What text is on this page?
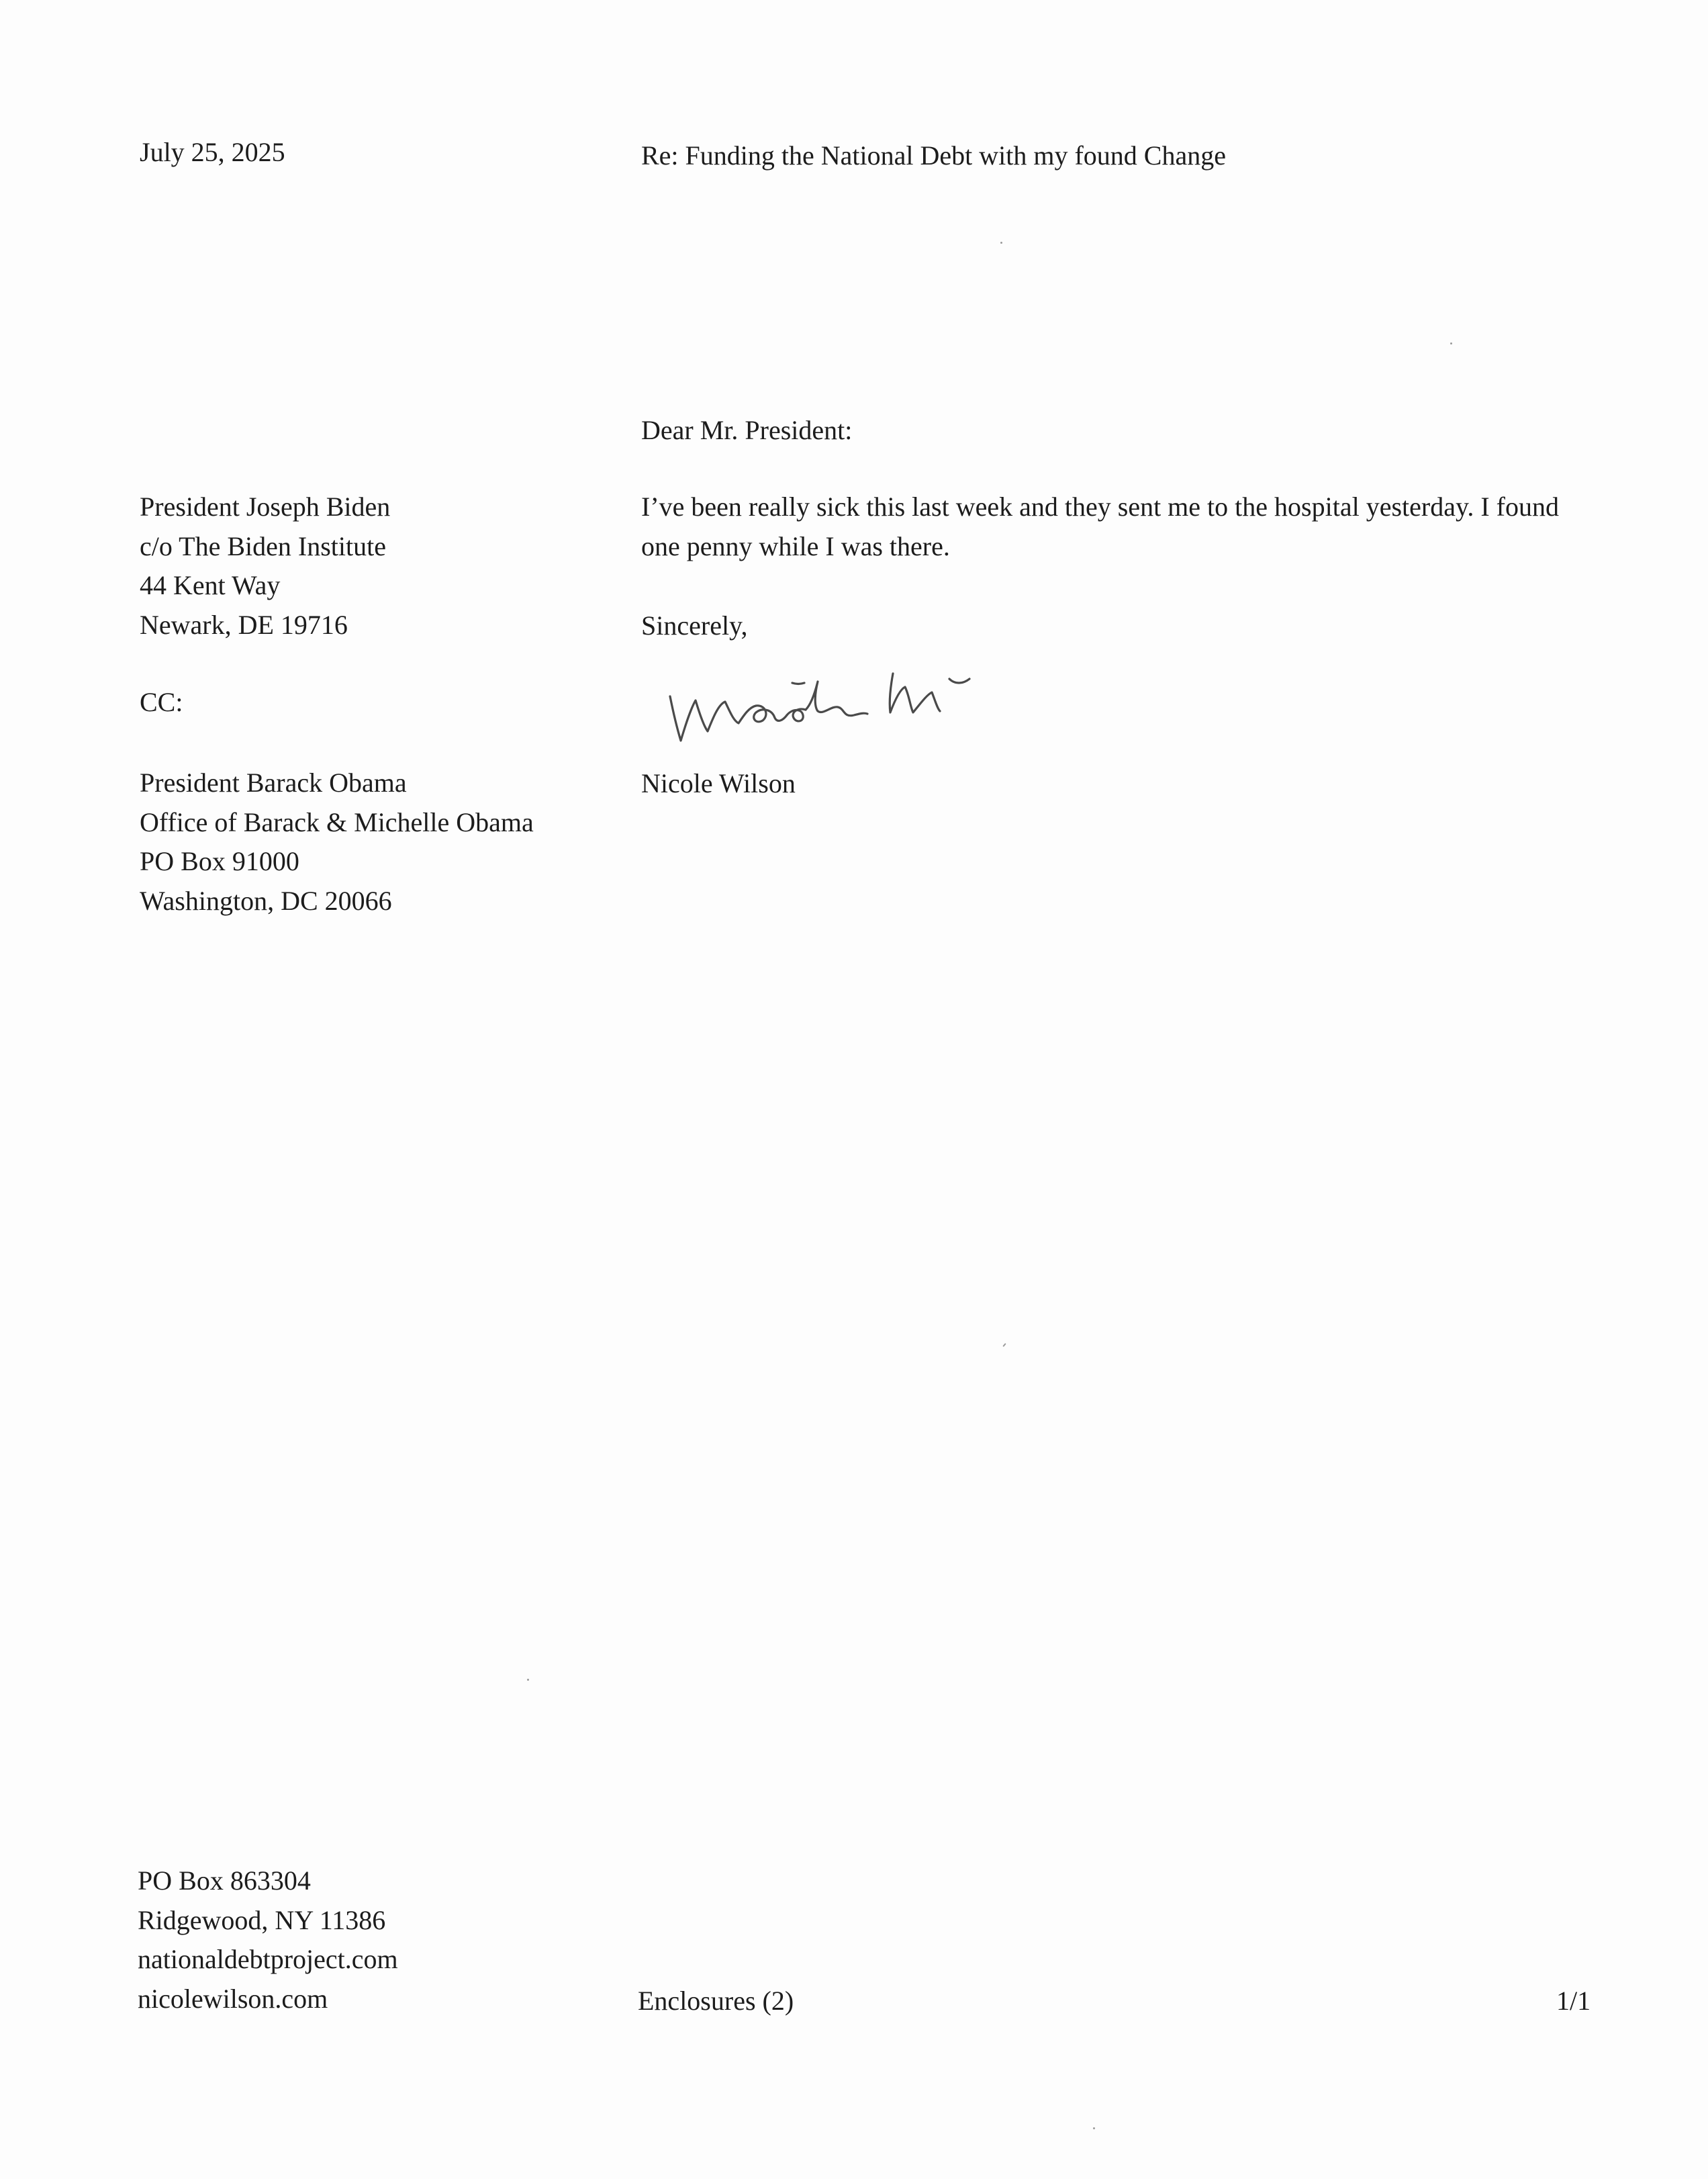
July 25, 2025	Re: Funding the National Debt with my found Change

Dear Mr. President:

President Joseph Biden
c/o The Biden Institute
44 Kent Way
Newark, DE 19716

I’ve been really sick this last week and they sent me to the hospital yesterday. I found one penny while I was there.

Sincerely,

Nicole Wilson

CC:

President Barack Obama
Office of Barack & Michelle Obama
PO Box 91000
Washington, DC 20066
PO Box 863304
Ridgewood, NY 11386
nationaldebtproject.com
nicolewilson.com	Enclosures (2)	1/1
